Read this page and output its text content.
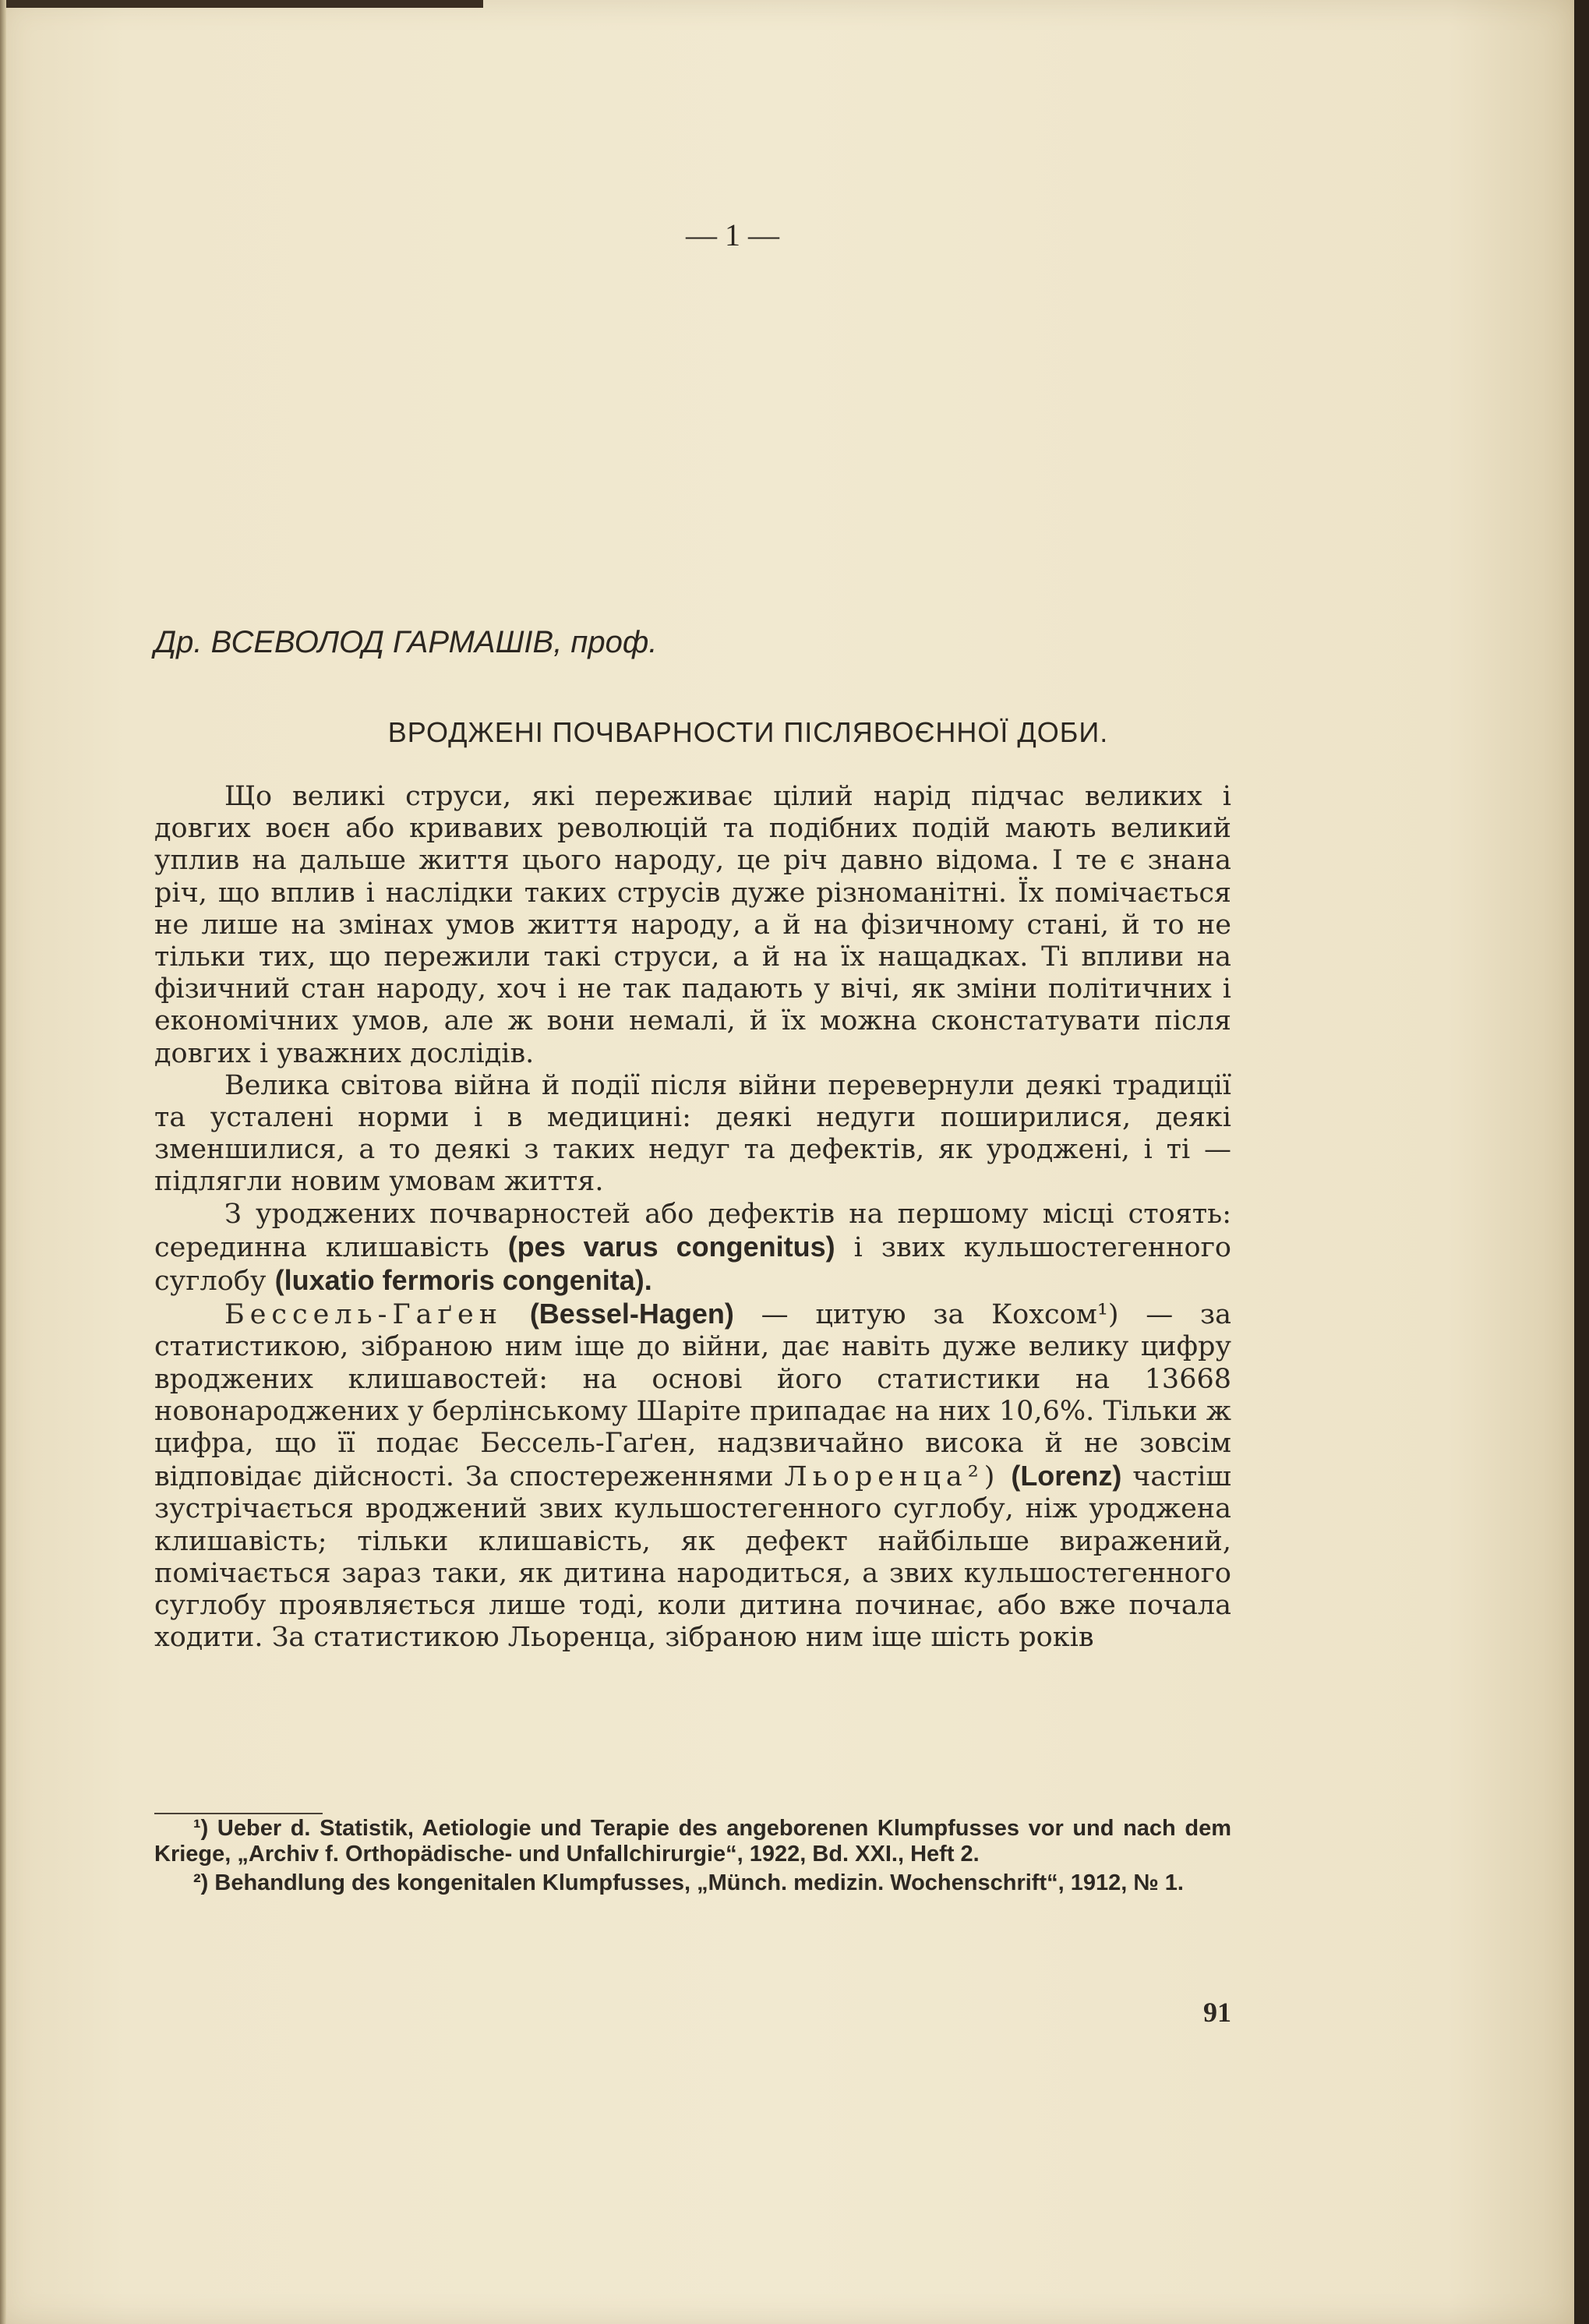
— 1 —
Др. ВСЕВОЛОД ГАРМАШІВ, проф.
ВРОДЖЕНІ ПОЧВАРНОСТИ ПІСЛЯВОЄННОЇ ДОБИ.

Що великі струси, які переживає цілий нарід підчас великих і довгих воєн або кривавих революцій та подібних подій мають великий уплив на дальше життя цього народу, це річ давно відома. І те є знана річ, що вплив і наслідки таких струсів дуже різноманітні. Їх помічається не лише на змінах умов життя народу, а й на фізичному стані, й то не тільки тих, що пережили такі струси, а й на їх нащадках. Ті впливи на фізичний стан народу, хоч і не так падають у вічі, як зміни політичних і економічних умов, але ж вони немалі, й їх можна сконстатувати після довгих і уважних дослідів.

Велика світова війна й події після війни перевернули деякі традиції та усталені норми і в медицині: деякі недуги поширилися, деякі зменшилися, а то деякі з таких недуг та дефектів, як уроджені, і ті — підлягли новим умовам життя.

З уроджених почварностей або дефектів на першому місці стоять: серединна клишавість (pes varus congenitus) і звих кульшостегенного суглобу (luxatio fermoris congenita).

Бессель-Гаґен (Bessel-Hagen) — цитую за Кохсом¹) — за статистикою, зібраною ним іще до війни, дає навіть дуже велику цифру вроджених клишавостей: на основі його статистики на 13668 новонароджених у берлінському Шаріте припадає на них 10,6%. Тільки ж цифра, що її подає Бессель-Гаґен, надзвичайно висока й не зовсім відповідає дійсності. За спостереженнями Льоренца²) (Lorenz) частіш зустрічається вроджений звих кульшостегенного суглобу, ніж уроджена клишавість; тільки клишавість, як дефект найбільше виражений, помічається зараз таки, як дитина народиться, а звих кульшостегенного суглобу проявляється лише тоді, коли дитина починає, або вже почала ходити. За статистикою Льоренца, зібраною ним іще шість років

¹) Ueber d. Statistik, Aetiologie und Terapie des angeborenen Klumpfusses vor und nach dem Kriege, „Archiv f. Orthopädische- und Unfallchirurgie“, 1922, Bd. XXI., Heft 2.

²) Behandlung des kongenitalen Klumpfusses, „Münch. medizin. Wochenschrift“, 1912, № 1.

91
